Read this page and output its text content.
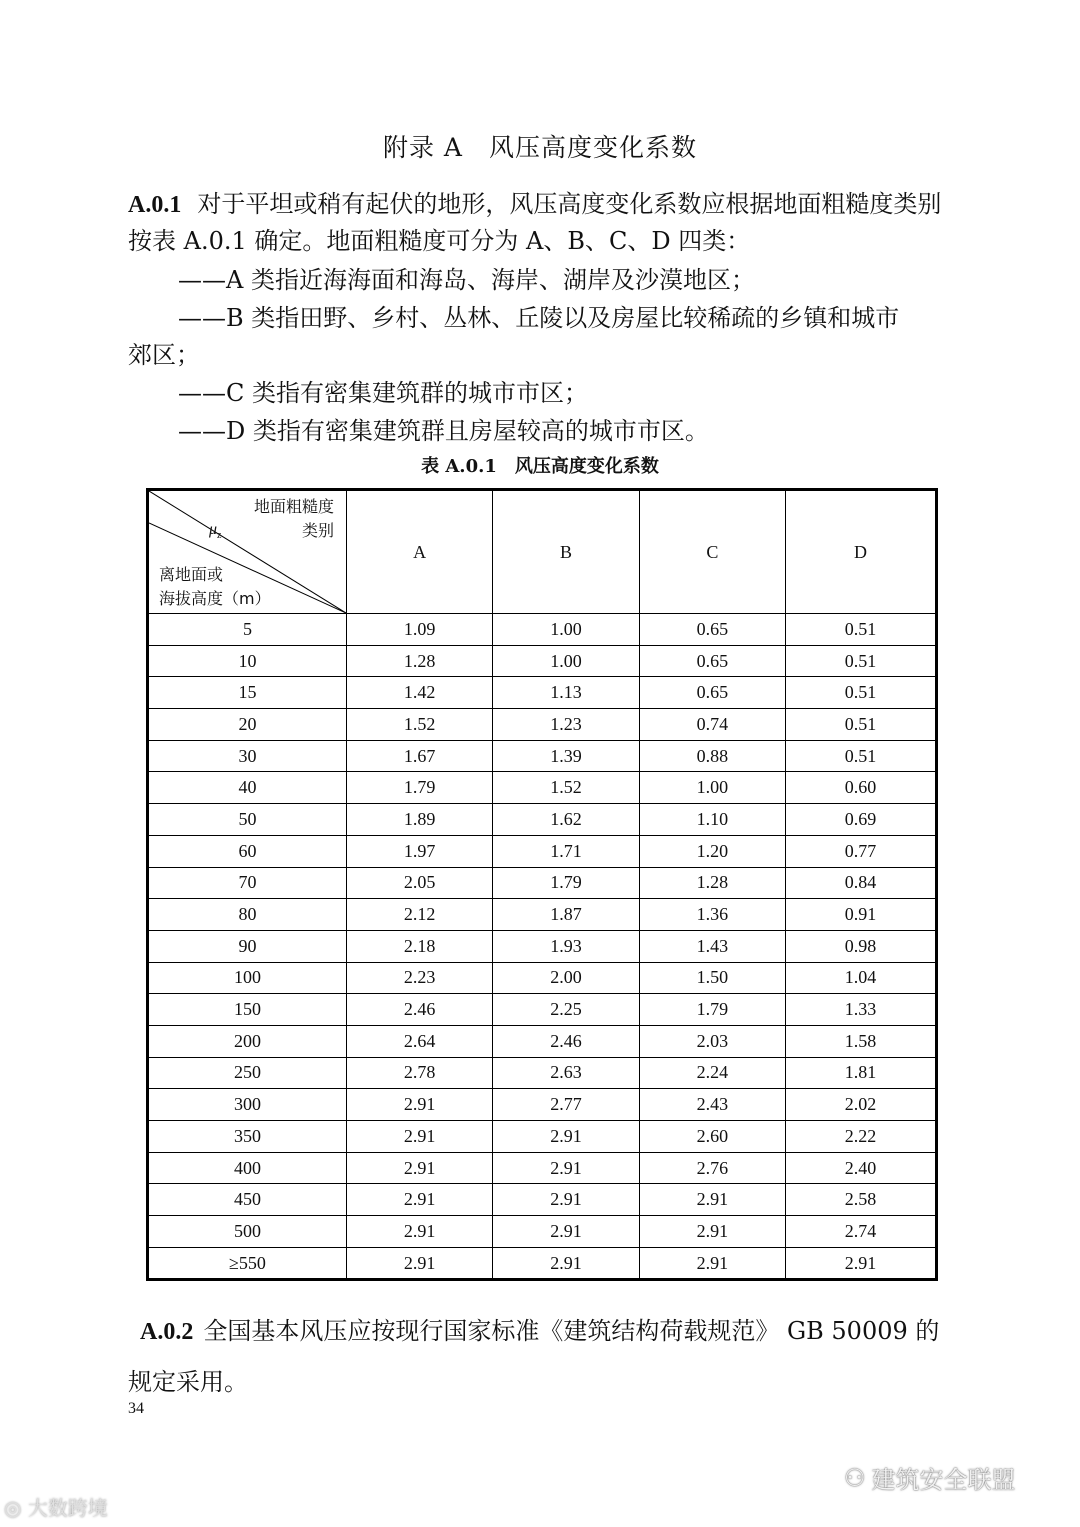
附录 A　风压高度变化系数
A.0.1 对于平坦或稍有起伏的地形，风压高度变化系数应根据地面粗糙度类别按表 A.0.1 确定。地面粗糙度可分为 A、B、C、D 四类：
——A 类指近海海面和海岛、海岸、湖岸及沙漠地区；
——B 类指田野、乡村、丛林、丘陵以及房屋比较稀疏的乡镇和城市
郊区；
——C 类指有密集建筑群的城市市区；
——D 类指有密集建筑群且房屋较高的城市市区。
表 A.0.1　风压高度变化系数
地面粗糙度
类别
$\mu_z$
离地面或
海拔高度（m）	A	B	C	D
5	1.09	1.00	0.65	0.51
10	1.28	1.00	0.65	0.51
15	1.42	1.13	0.65	0.51
20	1.52	1.23	0.74	0.51
30	1.67	1.39	0.88	0.51
40	1.79	1.52	1.00	0.60
50	1.89	1.62	1.10	0.69
60	1.97	1.71	1.20	0.77
70	2.05	1.79	1.28	0.84
80	2.12	1.87	1.36	0.91
90	2.18	1.93	1.43	0.98
100	2.23	2.00	1.50	1.04
150	2.46	2.25	1.79	1.33
200	2.64	2.46	2.03	1.58
250	2.78	2.63	2.24	1.81
300	2.91	2.77	2.43	2.02
350	2.91	2.91	2.60	2.22
400	2.91	2.91	2.76	2.40
450	2.91	2.91	2.91	2.58
500	2.91	2.91	2.91	2.74
≥550	2.91	2.91	2.91	2.91
A.0.2 全国基本风压应按现行国家标准《建筑结构荷载规范》 GB 50009 的
规定采用。
34
◎ 大数跨境
⚇ 建筑安全联盟
